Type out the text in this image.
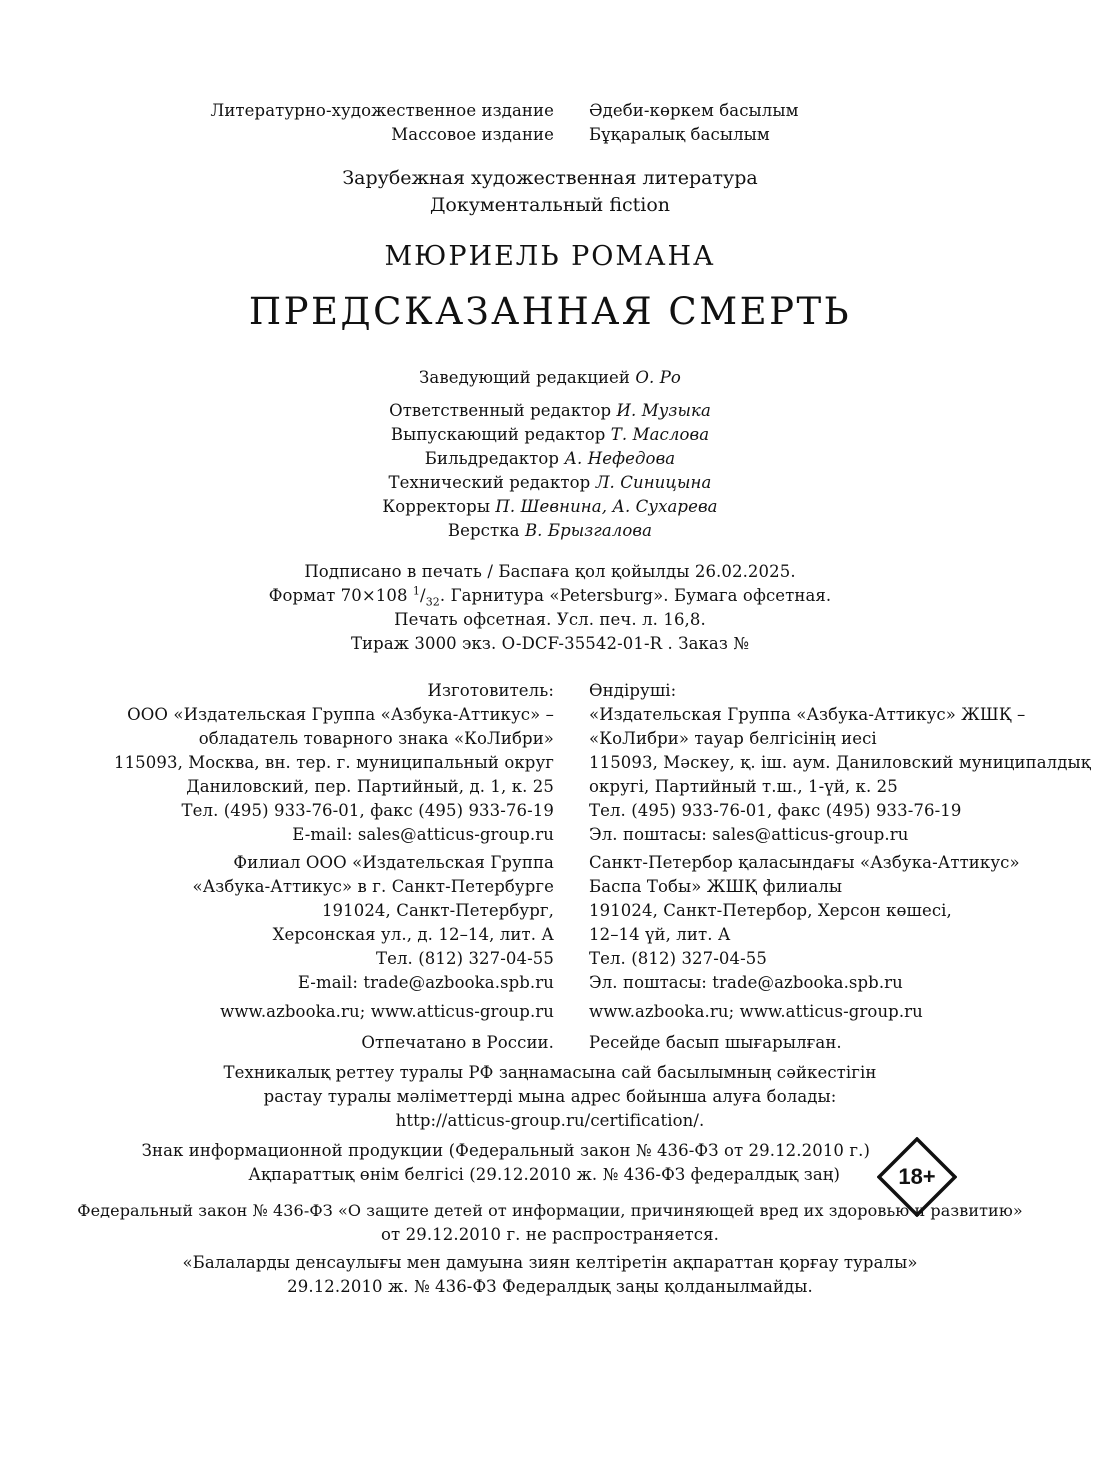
Литературно-художественное издание Әдеби-көркем басылым
Массовое издание Бұқаралық басылым
Зарубежная художественная литература
Документальный fiction
МЮРИЕЛЬ РОМАНА
ПРЕДСКАЗАННАЯ СМЕРТЬ
Заведующий редакцией О. Ро
Ответственный редактор И. Музыка
Выпускающий редактор Т. Маслова
Бильдредактор А. Нефедова
Технический редактор Л. Синицына
Корректоры П. Шевнина, А. Сухарева
Верстка В. Брызгалова
Подписано в печать / Баспаға қол қойылды 26.02.2025.
Формат 70×108 $^1/_{32}$. Гарнитура «Petersburg». Бумага офсетная.
Печать офсетная. Усл. печ. л. 16,8.
Тираж 3000 экз. O-DCF-35542-01-R . Заказ №
Изготовитель: Өндіруші:
ООО «Издательская Группа «Азбука-Аттикус» – «Издательская Группа «Азбука-Аттикус» ЖШҚ –
обладатель товарного знака «КоЛибри» «КоЛибри» тауар белгісінің иесі
115093, Москва, вн. тер. г. муниципальный округ 115093, Мәскеу, қ. іш. аум. Даниловский муниципалдық
Даниловский, пер. Партийный, д. 1, к. 25 округі, Партийный т.ш., 1-үй, к. 25
Тел. (495) 933-76-01, факс (495) 933-76-19 Тел. (495) 933-76-01, факс (495) 933-76-19
E-mail: sales@atticus-group.ru Эл. поштасы: sales@atticus-group.ru
Филиал ООО «Издательская Группа Санкт-Петербор қаласындағы «Азбука-Аттикус»
«Азбука-Аттикус» в г. Санкт-Петербурге Баспа Тобы» ЖШҚ филиалы
191024, Санкт-Петербург, 191024, Санкт-Петербор, Херсон көшесі,
Херсонская ул., д. 12–14, лит. А 12–14 үй, лит. А
Тел. (812) 327-04-55 Тел. (812) 327-04-55
E-mail: trade@azbooka.spb.ru Эл. поштасы: trade@azbooka.spb.ru
www.azbooka.ru; www.atticus-group.ru www.azbooka.ru; www.atticus-group.ru
Отпечатано в России. Ресейде басып шығарылған.
Техникалық реттеу туралы РФ заңнамасына сай басылымның сәйкестігін
растау туралы мәліметтерді мына адрес бойынша алуға болады:
http://atticus-group.ru/certification/.
Знак информационной продукции (Федеральный закон № 436-ФЗ от 29.12.2010 г.)
Ақпараттық өнім белгісі (29.12.2010 ж. № 436-ФЗ федералдық заң)	18+
Федеральный закон № 436-ФЗ «О защите детей от информации, причиняющей вред их здоровью и развитию»
от 29.12.2010 г. не распространяется.
«Балаларды денсаулығы мен дамуына зиян келтіретін ақпараттан қорғау туралы»
29.12.2010 ж. № 436-ФЗ Федералдық заңы қолданылмайды.
